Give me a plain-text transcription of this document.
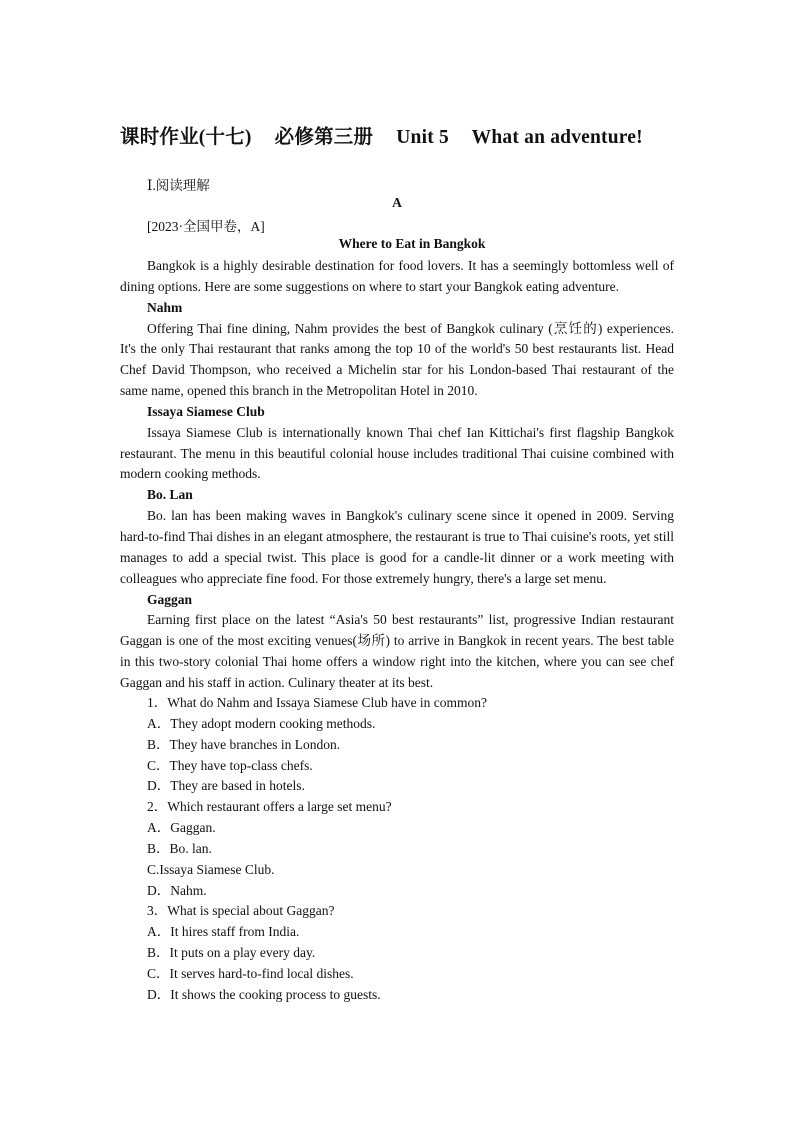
课时作业(十七) 必修第三册 Unit 5 What an adventure!
Ⅰ.阅读理解
A
[2023·全国甲卷，A]
Where to Eat in Bangkok

Bangkok is a highly desirable destination for food lovers. It has a seemingly bottomless well of dining options. Here are some suggestions on where to start your Bangkok eating adventure.

Nahm

Offering Thai fine dining, Nahm provides the best of Bangkok culinary (烹饪的) experiences. It's the only Thai restaurant that ranks among the top 10 of the world's 50 best restaurants list. Head Chef David Thompson, who received a Michelin star for his London-based Thai restaurant of the same name, opened this branch in the Metropolitan Hotel in 2010.

Issaya Siamese Club

Issaya Siamese Club is internationally known Thai chef Ian Kittichai's first flagship Bangkok restaurant. The menu in this beautiful colonial house includes traditional Thai cuisine combined with modern cooking methods.

Bo. Lan

Bo. lan has been making waves in Bangkok's culinary scene since it opened in 2009. Serving hard-to-find Thai dishes in an elegant atmosphere, the restaurant is true to Thai cuisine's roots, yet still manages to add a special twist. This place is good for a candle-lit dinner or a work meeting with colleagues who appreciate fine food. For those extremely hungry, there's a large set menu.

Gaggan

Earning first place on the latest “Asia's 50 best restaurants” list, progressive Indian restaurant Gaggan is one of the most exciting venues(场所) to arrive in Bangkok in recent years. The best table in this two-story colonial Thai home offers a window right into the kitchen, where you can see chef Gaggan and his staff in action. Culinary theater at its best.

1．What do Nahm and Issaya Siamese Club have in common?
A．They adopt modern cooking methods.
B．They have branches in London.
C．They have top-class chefs.
D．They are based in hotels.
2．Which restaurant offers a large set menu?
A．Gaggan.
B．Bo. lan.
C.Issaya Siamese Club.
D．Nahm.
3．What is special about Gaggan?
A．It hires staff from India.
B．It puts on a play every day.
C．It serves hard-to-find local dishes.
D．It shows the cooking process to guests.
